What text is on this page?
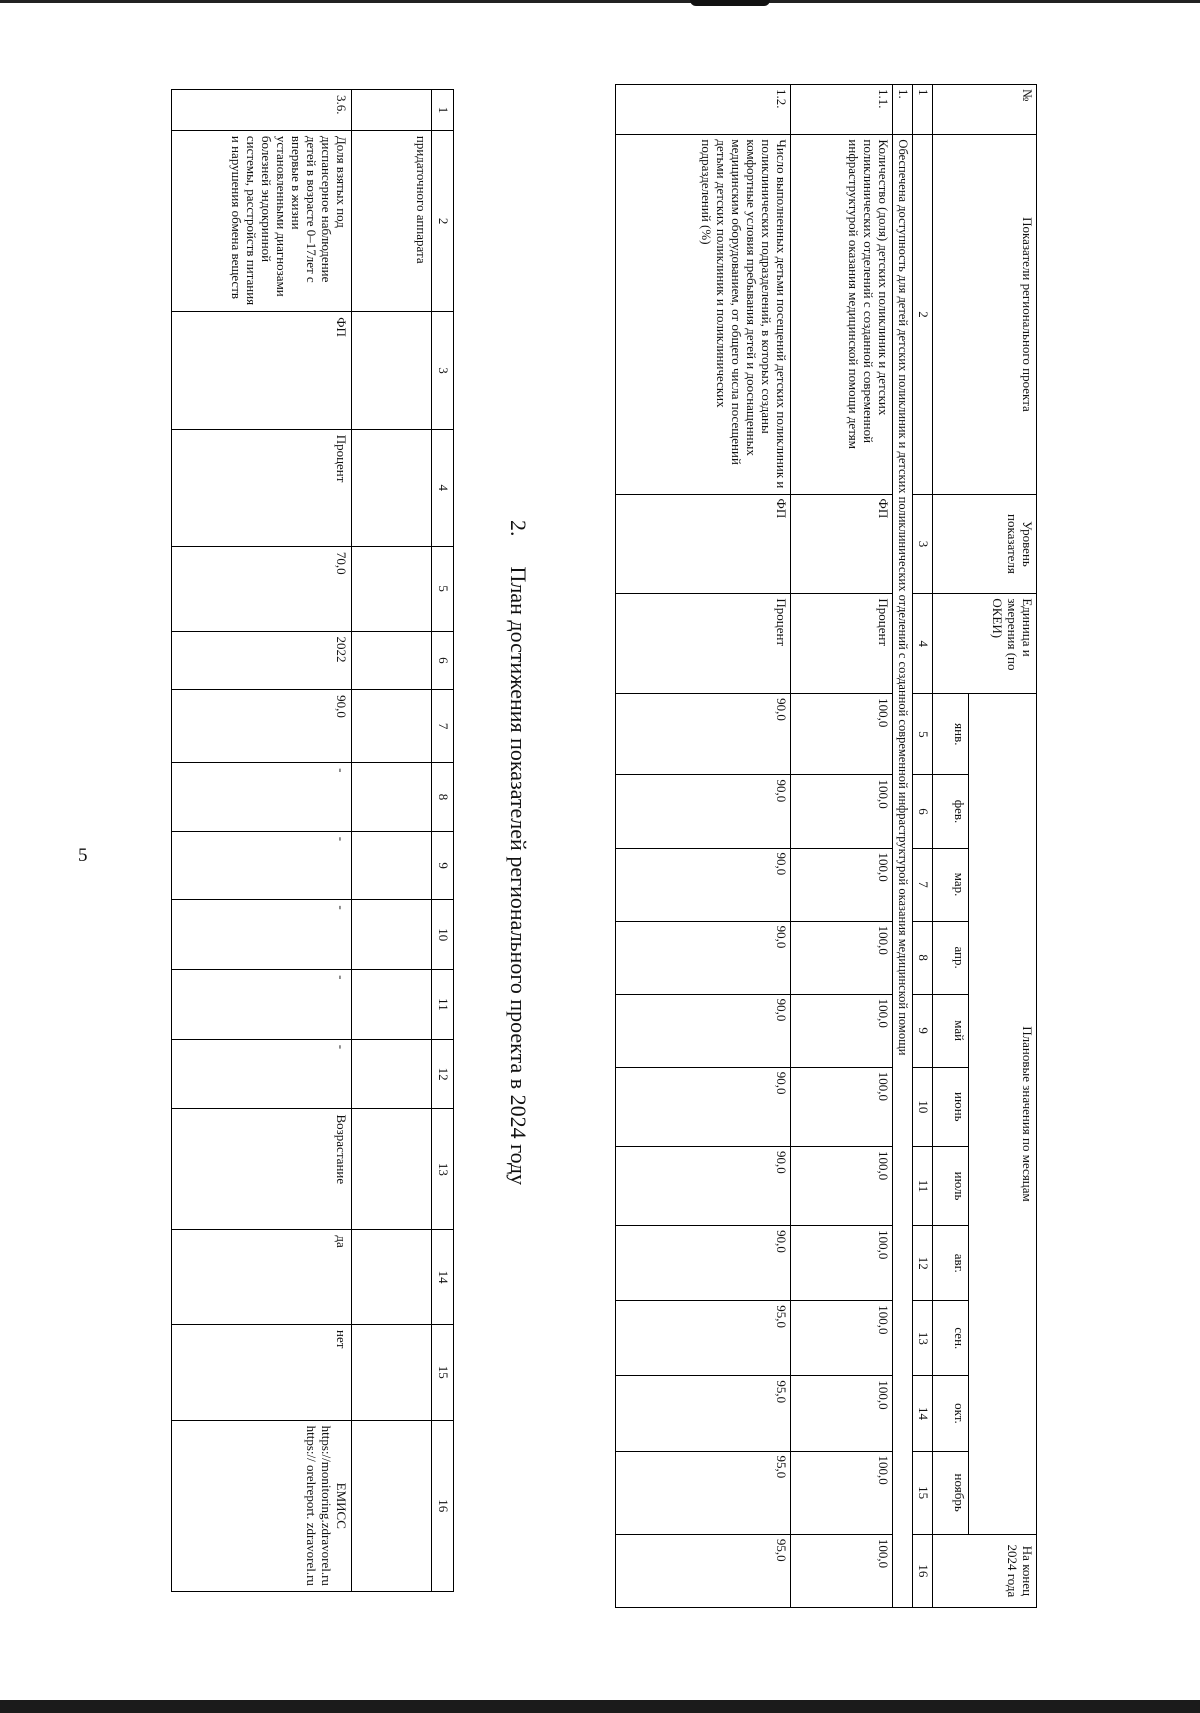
5
1	2	3	4	5	6	7	8	9	10	11	12	13	14	15	16
	придаточного аппарата														
3.6.	Доля взятых под диспансерное наблюдение детей в возрасте 0–17лет с впервые в жизни установленными диагнозами болезней эндокринной системы, расстройств питания и нарушения обмена веществ	ФП	Процент	70,0	2022	90,0	-	-	-	-	-	Возрастание	да	нет	ЕМИСС https://monitoring.zdravorel.ru https:// orelreport. zdravorel.ru
2.План достижения показателей регионального проекта в 2024 году
№	Показатели регионального проекта	Уровень показателя	Единица и змерения (по ОКЕИ)	Плановые значения по месяцам											На конец 2024 года
				янв.	фев.	мар.	апр.	май	июнь	июль	авг.	сен.	окт.	ноябрь	
1	2	3	4	5	6	7	8	9	10	11	12	13	14	15	16
1.	Обеспечена доступность для детей детских поликлиник и детских поликлинических отделений с созданной современной инфраструктурой оказания медицинской помощи														
1.1.	Количество (доля) детских поликлиник и детских поликлинических отделений с созданной современной инфраструктурой оказания медицинской помощи детям	ФП	Процент	100,0	100,0	100,0	100,0	100,0	100,0	100,0	100,0	100,0	100,0	100,0	100,0
1.2.	Число выполненных детьми посещений детских поликлиник и поликлинических подразделений, в которых созданы комфортные условия пребывания детей и дооснащенных медицинским оборудованием, от общего числа посещений детьми детских поликлиник и поликлинических подразделений (%)	ФП	Процент	90,0	90,0	90,0	90,0	90,0	90,0	90,0	90,0	95,0	95,0	95,0	95,0
